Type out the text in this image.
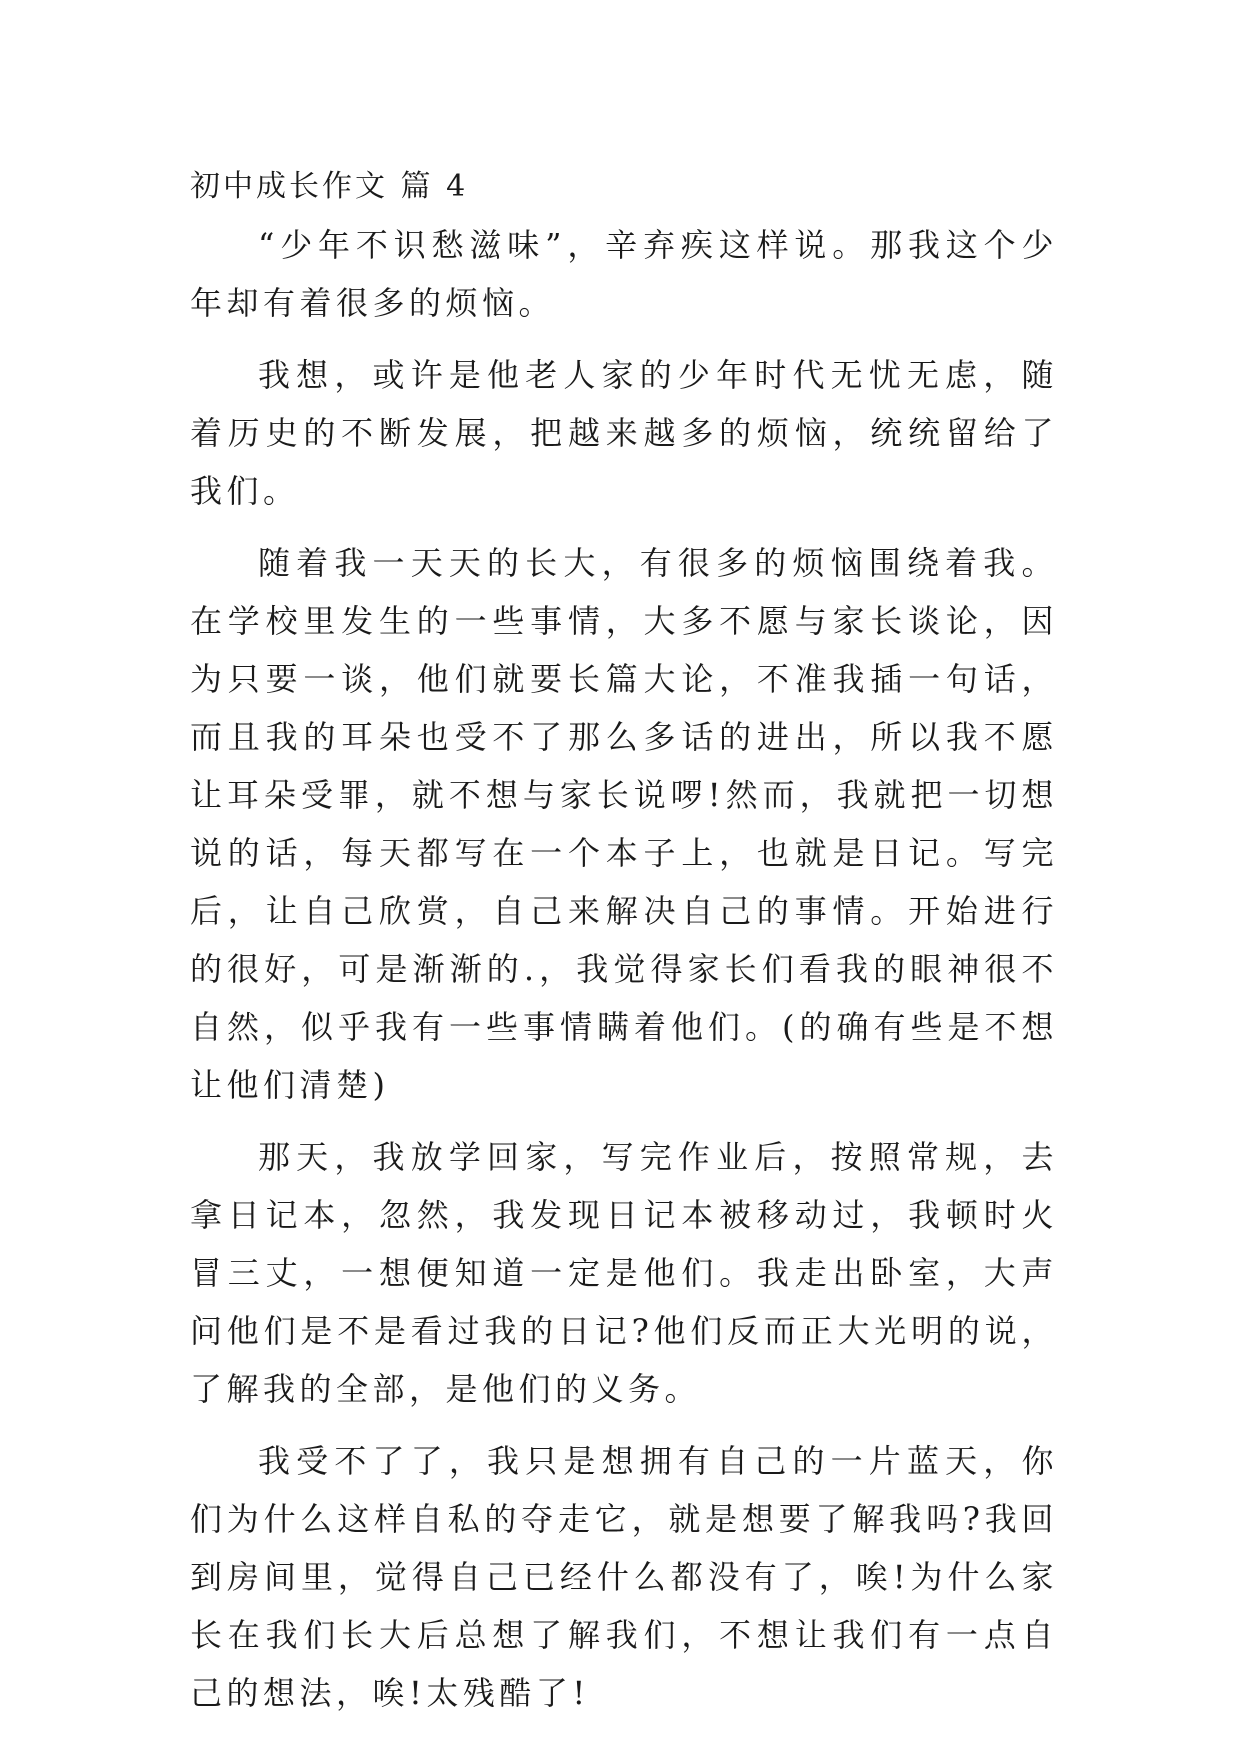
初中成长作文 篇 4

“少年不识愁滋味”，辛弃疾这样说。那我这个少年却有着很多的烦恼。

我想，或许是他老人家的少年时代无忧无虑，随着历史的不断发展，把越来越多的烦恼，统统留给了我们。

随着我一天天的长大，有很多的烦恼围绕着我。在学校里发生的一些事情，大多不愿与家长谈论，因为只要一谈，他们就要长篇大论，不准我插一句话，而且我的耳朵也受不了那么多话的进出，所以我不愿让耳朵受罪，就不想与家长说啰!然而，我就把一切想说的话，每天都写在一个本子上，也就是日记。写完后，让自己欣赏，自己来解决自己的事情。开始进行的很好，可是渐渐的.，我觉得家长们看我的眼神很不自然，似乎我有一些事情瞒着他们。(的确有些是不想让他们清楚)

那天，我放学回家，写完作业后，按照常规，去拿日记本，忽然，我发现日记本被移动过，我顿时火冒三丈，一想便知道一定是他们。我走出卧室，大声问他们是不是看过我的日记?他们反而正大光明的说，了解我的全部，是他们的义务。

我受不了了，我只是想拥有自己的一片蓝天，你们为什么这样自私的夺走它，就是想要了解我吗?我回到房间里，觉得自己已经什么都没有了，唉!为什么家长在我们长大后总想了解我们，不想让我们有一点自己的想法，唉!太残酷了!
